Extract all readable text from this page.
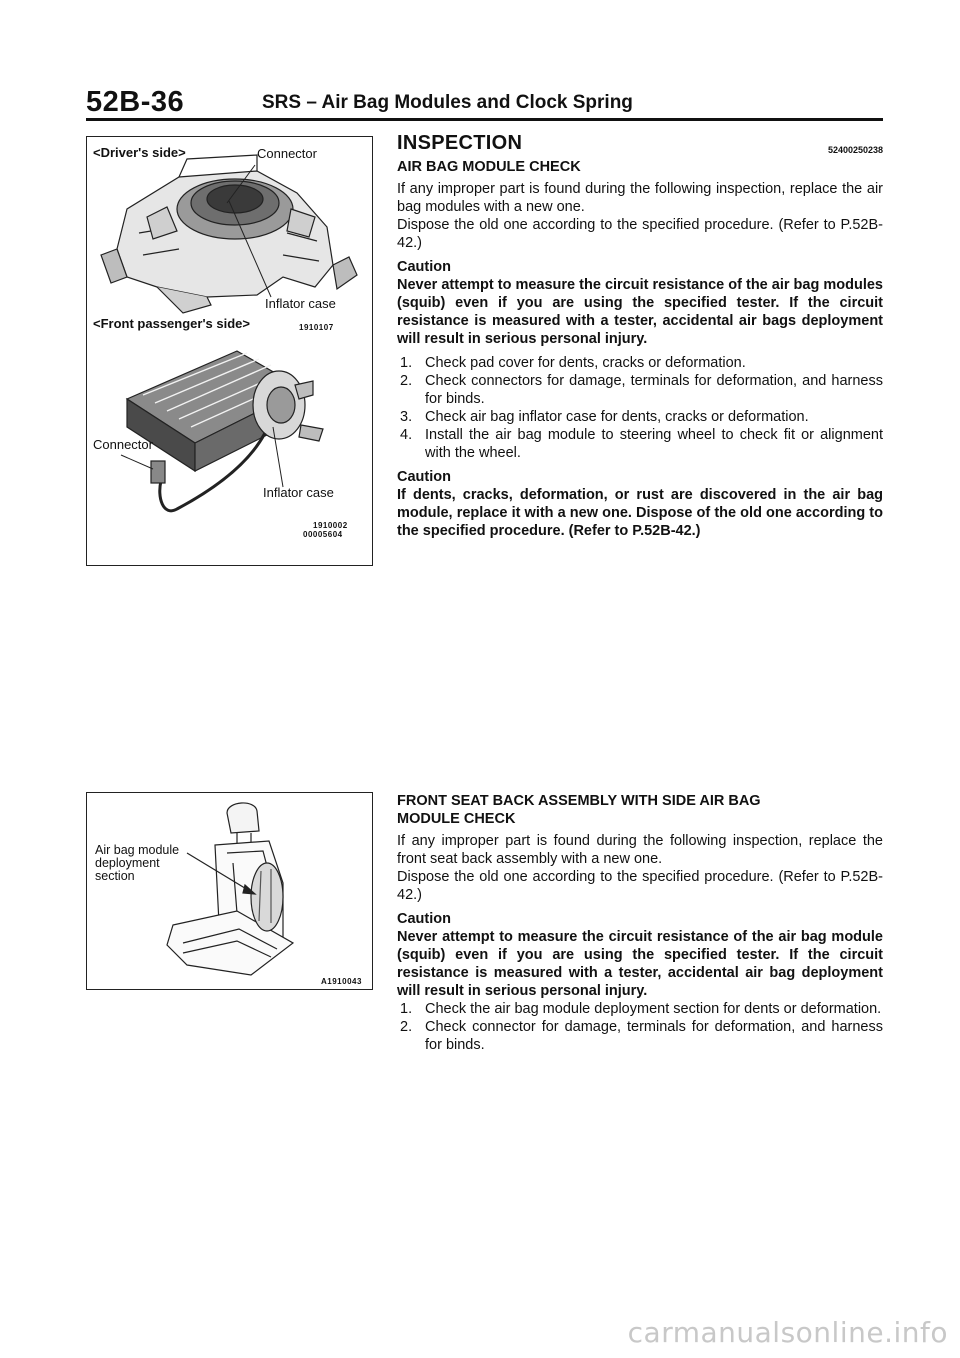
52B-36	SRS – Air Bag Modules and Clock Spring
<Driver's side>	Connector
Inflator case
<Front passenger's side>	1910107
Connector
Inflator case
1910002
00005604
Air bag module
deployment
section
A1910043
INSPECTION	52400250238
AIR BAG MODULE CHECK

If any improper part is found during the following inspection, replace the air bag modules with a new one.

Dispose the old one according to the specified procedure. (Refer to P.52B-42.)

Caution

Never attempt to measure the circuit resistance of the air bag modules (squib) even if you are using the specified tester. If the circuit resistance is measured with a tester, accidental air bags deployment will result in serious personal injury.

1. Check pad cover for dents, cracks or deformation.
2. Check connectors for damage, terminals for deformation, and harness for binds.
3. Check air bag inflator case for dents, cracks or deformation.
4. Install the air bag module to steering wheel to check fit or alignment with the wheel.
Caution

If dents, cracks, deformation, or rust are discovered in the air bag module, replace it with a new one. Dispose of the old one according to the specified procedure. (Refer to P.52B-42.)

FRONT SEAT BACK ASSEMBLY WITH SIDE AIR BAG
MODULE CHECK

If any improper part is found during the following inspection, replace the front seat back assembly with a new one.

Dispose the old one according to the specified procedure. (Refer to P.52B-42.)

Caution

Never attempt to measure the circuit resistance of the air bag module (squib) even if you are using the specified tester. If the circuit resistance is measured with a tester, accidental air bag deployment will result in serious personal injury.

1. Check the air bag module deployment section for dents or deformation.
2. Check connector for damage, terminals for deformation, and harness for binds.
carmanualsonline.info
